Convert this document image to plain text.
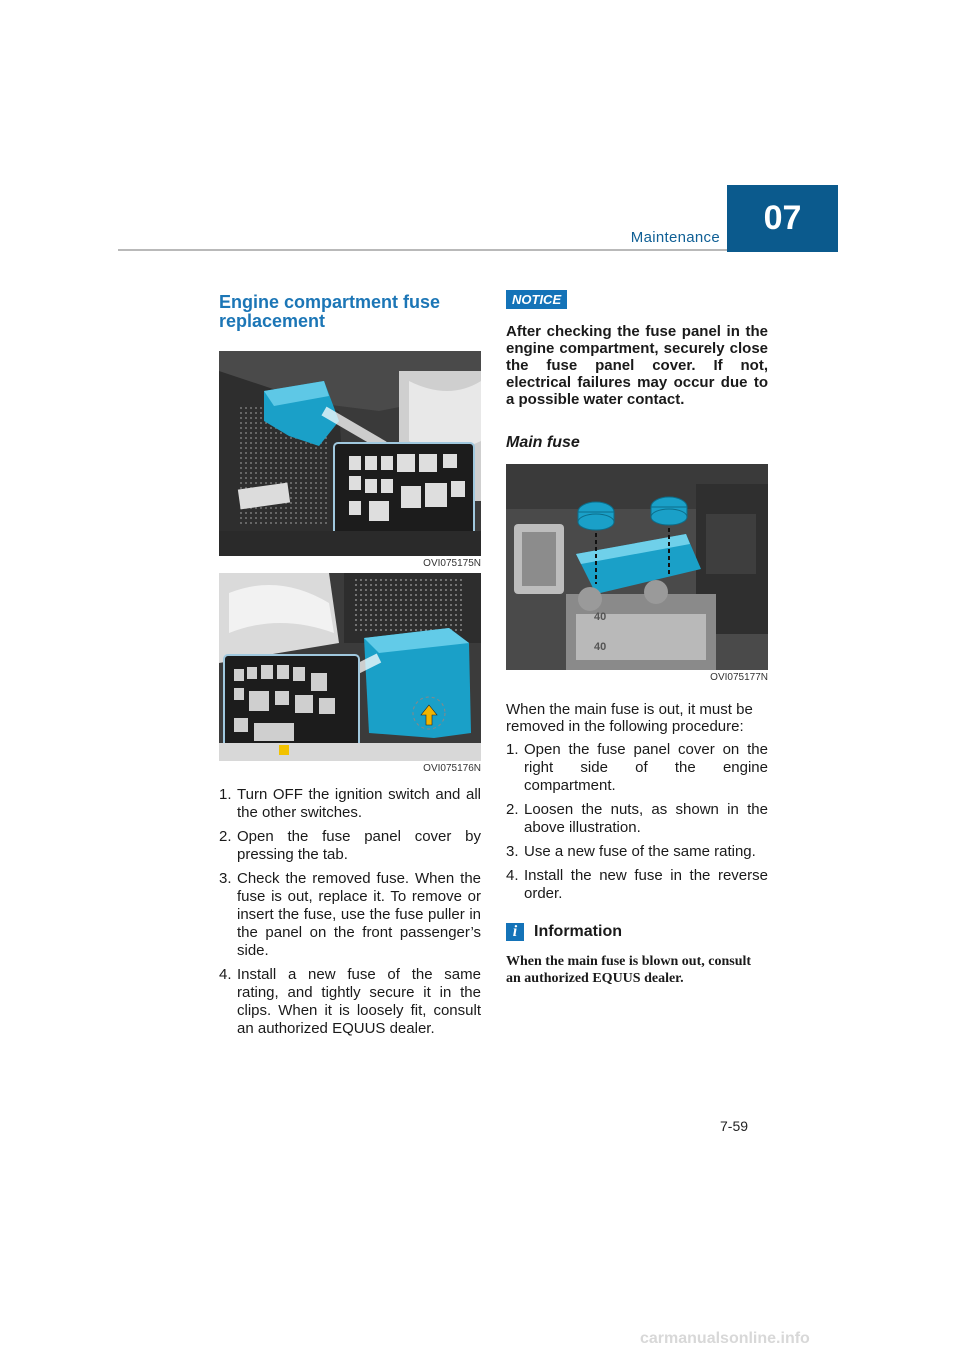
Maintenance
07
Engine compartment fuse replacement
OVI075175N
OVI075176N
1. Turn OFF the ignition switch and all the other switches.
2. Open the fuse panel cover by pressing the tab.
3. Check the removed fuse. When the fuse is out, replace it. To remove or insert the fuse, use the fuse puller in the panel on the front passenger’s side.
4. Install a new fuse of the same rating, and tightly secure it in the clips. When it is loosely fit, consult an authorized EQUUS dealer.
NOTICE
After checking the fuse panel in the engine compartment, securely close the fuse panel cover. If not, electrical failures may occur due to a possible water contact.
Main fuse
40
40
OVI075177N
When the main fuse is out, it must be removed in the following procedure:
1. Open the fuse panel cover on the right side of the engine compartment.
2. Loosen the nuts, as shown in the above illustration.
3. Use a new fuse of the same rating.
4. Install the new fuse in the reverse order.
i	Information
When the main fuse is blown out, consult an authorized EQUUS dealer.
7-59
carmanualsonline.info
